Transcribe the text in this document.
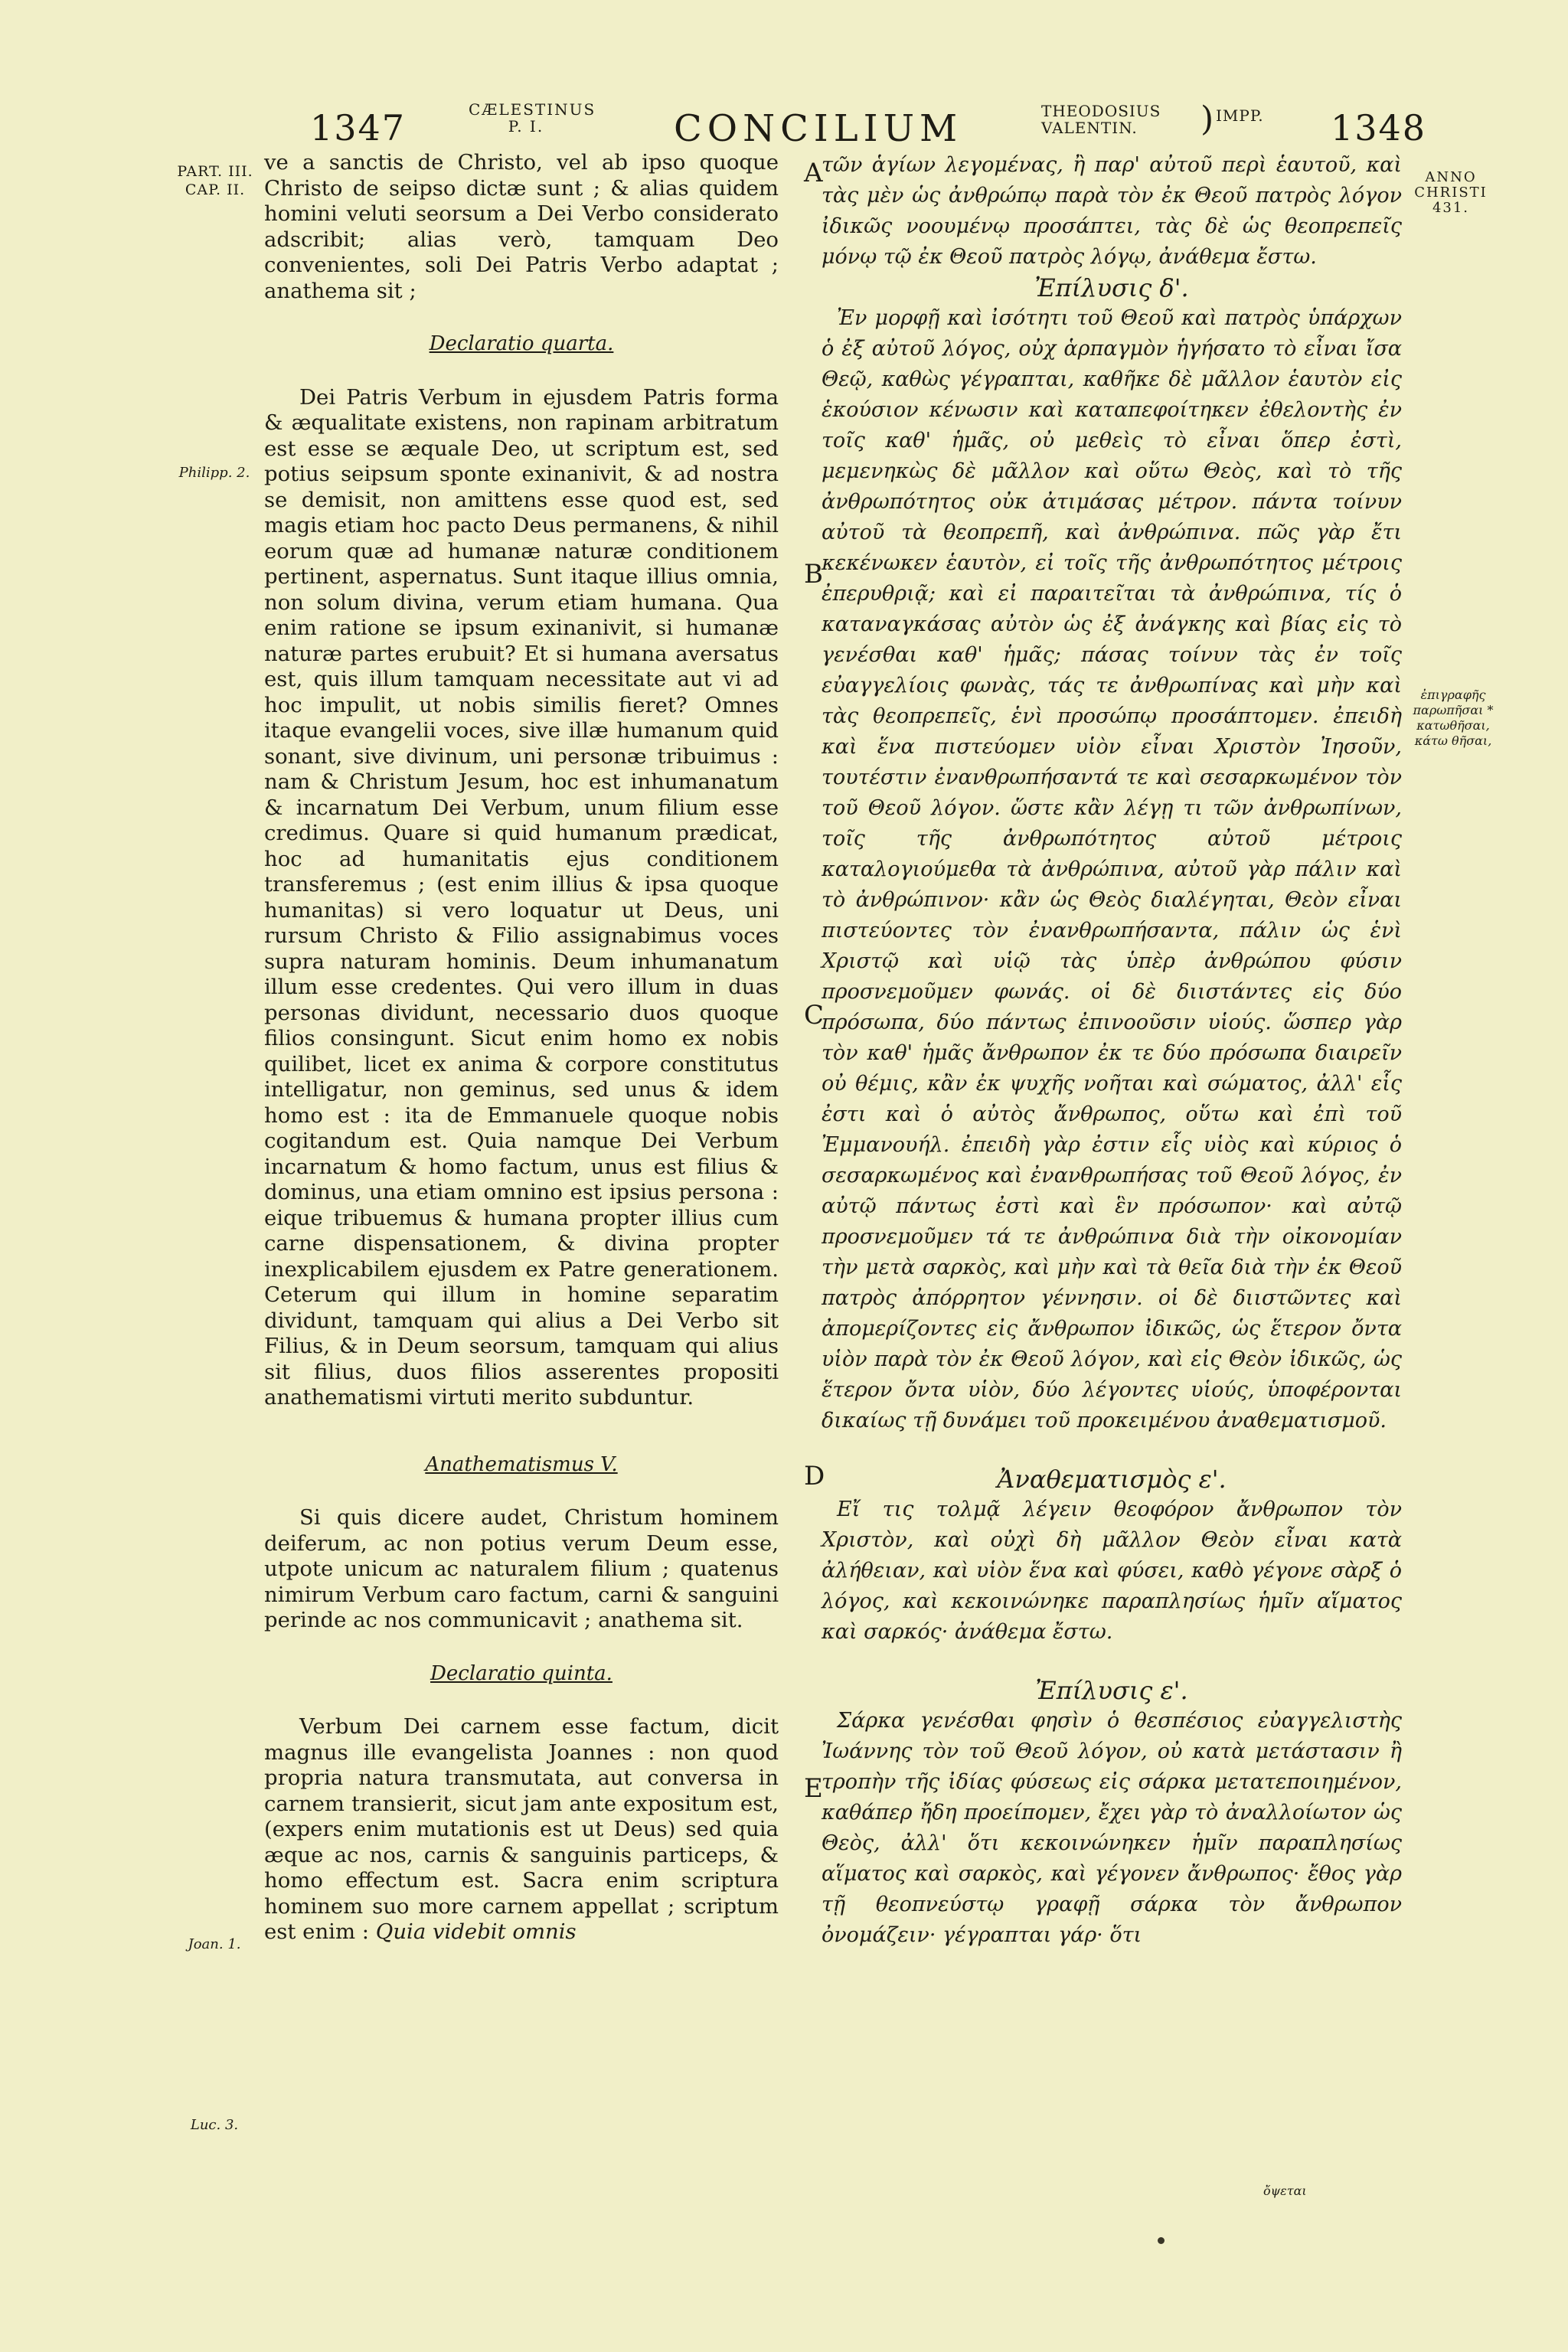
1347	CÆLESTINUS
P. I.	CONCILIUM	THEODOSIUS
VALENTIN.	) IMPP.	1348
PART. III. CAP. II.
ANNO
CHRISTI
431.
Philipp. 2.
Joan. 1.
Luc. 3.
ἐπιγραφῆς παρωπῆσαι * κατωθῆσαι, κάτω θῆσαι,
A
B
C
D
E

ve a sanctis de Christo, vel ab ipso quoque Christo de seipso dictæ sunt ; & alias quidem homini veluti seorsum a Dei Verbo considerato adscribit; alias verò, tamquam Deo convenientes, soli Dei Patris Verbo adaptat ; anathema sit ;

Declaratio quarta.

Dei Patris Verbum in ejusdem Patris forma & æqualitate existens, non rapinam arbitratum est esse se æquale Deo, ut scriptum est, sed potius seipsum sponte exinanivit, & ad nostra se demisit, non amittens esse quod est, sed magis etiam hoc pacto Deus permanens, & nihil eorum quæ ad humanæ naturæ conditionem pertinent, aspernatus. Sunt itaque illius omnia, non solum divina, verum etiam humana. Qua enim ratione se ipsum exinanivit, si humanæ naturæ partes erubuit? Et si humana aversatus est, quis illum tamquam necessitate aut vi ad hoc impulit, ut nobis similis fieret? Omnes itaque evangelii voces, sive illæ humanum quid sonant, sive divinum, uni personæ tribuimus : nam & Christum Jesum, hoc est inhumanatum & incarnatum Dei Verbum, unum filium esse credimus. Quare si quid humanum prædicat, hoc ad humanitatis ejus conditionem transferemus ; (est enim illius & ipsa quoque humanitas) si vero loquatur ut Deus, uni rursum Christo & Filio assignabimus voces supra naturam hominis. Deum inhumanatum illum esse credentes. Qui vero illum in duas personas dividunt, necessario duos quoque filios consingunt. Sicut enim homo ex nobis quilibet, licet ex anima & corpore constitutus intelligatur, non geminus, sed unus & idem homo est : ita de Emmanuele quoque nobis cogitandum est. Quia namque Dei Verbum incarnatum & homo factum, unus est filius & dominus, una etiam omnino est ipsius persona : eique tribuemus & humana propter illius cum carne dispensationem, & divina propter inexplicabilem ejusdem ex Patre generationem. Ceterum qui illum in homine separatim dividunt, tamquam qui alius a Dei Verbo sit Filius, & in Deum seorsum, tamquam qui alius sit filius, duos filios asserentes propositi anathematismi virtuti merito subduntur.

Anathematismus V.

Si quis dicere audet, Christum hominem deiferum, ac non potius verum Deum esse, utpote unicum ac naturalem filium ; quatenus nimirum Verbum caro factum, carni & sanguini perinde ac nos communicavit ; anathema sit.

Declaratio quinta.

Verbum Dei carnem esse factum, dicit magnus ille evangelista Joannes : non quod propria natura transmutata, aut conversa in carnem transierit, sicut jam ante expositum est, (expers enim mutationis est ut Deus) sed quia æque ac nos, carnis & sanguinis particeps, & homo effectum est. Sacra enim scriptura hominem suo more carnem appellat ; scriptum est enim : Quia videbit omnis

τῶν ἁγίων λεγομένας, ἢ παρ' αὐτοῦ περὶ ἑαυτοῦ, καὶ τὰς μὲν ὡς ἀνθρώπῳ παρὰ τὸν ἐκ Θεοῦ πατρὸς λόγον ἰδικῶς νοουμένῳ προσάπτει, τὰς δὲ ὡς θεοπρεπεῖς μόνῳ τῷ ἐκ Θεοῦ πατρὸς λόγῳ, ἀνάθεμα ἔστω.

Ἐπίλυσις δ'.

Ἐν μορφῇ καὶ ἰσότητι τοῦ Θεοῦ καὶ πατρὸς ὑπάρχων ὁ ἐξ αὐτοῦ λόγος, οὐχ ἁρπαγμὸν ἡγήσατο τὸ εἶναι ἴσα Θεῷ, καθὼς γέγραπται, καθῆκε δὲ μᾶλλον ἑαυτὸν εἰς ἑκούσιον κένωσιν καὶ καταπεφοίτηκεν ἐθελοντὴς ἐν τοῖς καθ' ἡμᾶς, οὐ μεθεὶς τὸ εἶναι ὅπερ ἐστὶ, μεμενηκὼς δὲ μᾶλλον καὶ οὕτω Θεὸς, καὶ τὸ τῆς ἀνθρωπότητος οὐκ ἀτιμάσας μέτρον. πάντα τοίνυν αὐτοῦ τὰ θεοπρεπῆ, καὶ ἀνθρώπινα. πῶς γὰρ ἔτι κεκένωκεν ἑαυτὸν, εἰ τοῖς τῆς ἀνθρωπότητος μέτροις ἐπερυθριᾷ; καὶ εἰ παραιτεῖται τὰ ἀνθρώπινα, τίς ὁ καταναγκάσας αὐτὸν ὡς ἐξ ἀνάγκης καὶ βίας εἰς τὸ γενέσθαι καθ' ἡμᾶς; πάσας τοίνυν τὰς ἐν τοῖς εὐαγγελίοις φωνὰς, τάς τε ἀνθρωπίνας καὶ μὴν καὶ τὰς θεοπρεπεῖς, ἑνὶ προσώπῳ προσάπτομεν. ἐπειδὴ καὶ ἕνα πιστεύομεν υἱὸν εἶναι Χριστὸν Ἰησοῦν, τουτέστιν ἐνανθρωπήσαντά τε καὶ σεσαρκωμένον τὸν τοῦ Θεοῦ λόγον. ὥστε κἂν λέγῃ τι τῶν ἀνθρωπίνων, τοῖς τῆς ἀνθρωπότητος αὐτοῦ μέτροις καταλογιούμεθα τὰ ἀνθρώπινα, αὐτοῦ γὰρ πάλιν καὶ τὸ ἀνθρώπινον· κἂν ὡς Θεὸς διαλέγηται, Θεὸν εἶναι πιστεύοντες τὸν ἐνανθρωπήσαντα, πάλιν ὡς ἑνὶ Χριστῷ καὶ υἱῷ τὰς ὑπὲρ ἀνθρώπου φύσιν προσνεμοῦμεν φωνάς. οἱ δὲ διιστάντες εἰς δύο πρόσωπα, δύο πάντως ἐπινοοῦσιν υἱούς. ὥσπερ γὰρ τὸν καθ' ἡμᾶς ἄνθρωπον ἐκ τε δύο πρόσωπα διαιρεῖν οὐ θέμις, κἂν ἐκ ψυχῆς νοῆται καὶ σώματος, ἀλλ' εἷς ἐστι καὶ ὁ αὐτὸς ἄνθρωπος, οὕτω καὶ ἐπὶ τοῦ Ἐμμανουήλ. ἐπειδὴ γὰρ ἐστιν εἷς υἱὸς καὶ κύριος ὁ σεσαρκωμένος καὶ ἐνανθρωπήσας τοῦ Θεοῦ λόγος, ἐν αὐτῷ πάντως ἐστὶ καὶ ἓν πρόσωπον· καὶ αὐτῷ προσνεμοῦμεν τά τε ἀνθρώπινα διὰ τὴν οἰκονομίαν τὴν μετὰ σαρκὸς, καὶ μὴν καὶ τὰ θεῖα διὰ τὴν ἐκ Θεοῦ πατρὸς ἀπόρρητον γέννησιν. οἱ δὲ διιστῶντες καὶ ἀπομερίζοντες εἰς ἄνθρωπον ἰδικῶς, ὡς ἕτερον ὄντα υἱὸν παρὰ τὸν ἐκ Θεοῦ λόγον, καὶ εἰς Θεὸν ἰδικῶς, ὡς ἕτερον ὄντα υἱὸν, δύο λέγοντες υἱούς, ὑποφέρονται δικαίως τῇ δυνάμει τοῦ προκειμένου ἀναθεματισμοῦ.

Ἀναθεματισμὸς ε'.

Εἴ τις τολμᾷ λέγειν θεοφόρον ἄνθρωπον τὸν Χριστὸν, καὶ οὐχὶ δὴ μᾶλλον Θεὸν εἶναι κατὰ ἀλήθειαν, καὶ υἱὸν ἕνα καὶ φύσει, καθὸ γέγονε σὰρξ ὁ λόγος, καὶ κεκοινώνηκε παραπλησίως ἡμῖν αἵματος καὶ σαρκός· ἀνάθεμα ἔστω.

Ἐπίλυσις ε'.

Σάρκα γενέσθαι φησὶν ὁ θεσπέσιος εὐαγγελιστὴς Ἰωάννης τὸν τοῦ Θεοῦ λόγον, οὐ κατὰ μετάστασιν ἢ τροπὴν τῆς ἰδίας φύσεως εἰς σάρκα μετατεποιημένον, καθάπερ ἤδη προείπομεν, ἔχει γὰρ τὸ ἀναλλοίωτον ὡς Θεὸς, ἀλλ' ὅτι κεκοινώνηκεν ἡμῖν παραπλησίως αἵματος καὶ σαρκὸς, καὶ γέγονεν ἄνθρωπος· ἔθος γὰρ τῇ θεοπνεύστῳ γραφῇ σάρκα τὸν ἄνθρωπον ὀνομάζειν· γέγραπται γάρ· ὅτι

ὄψεται
